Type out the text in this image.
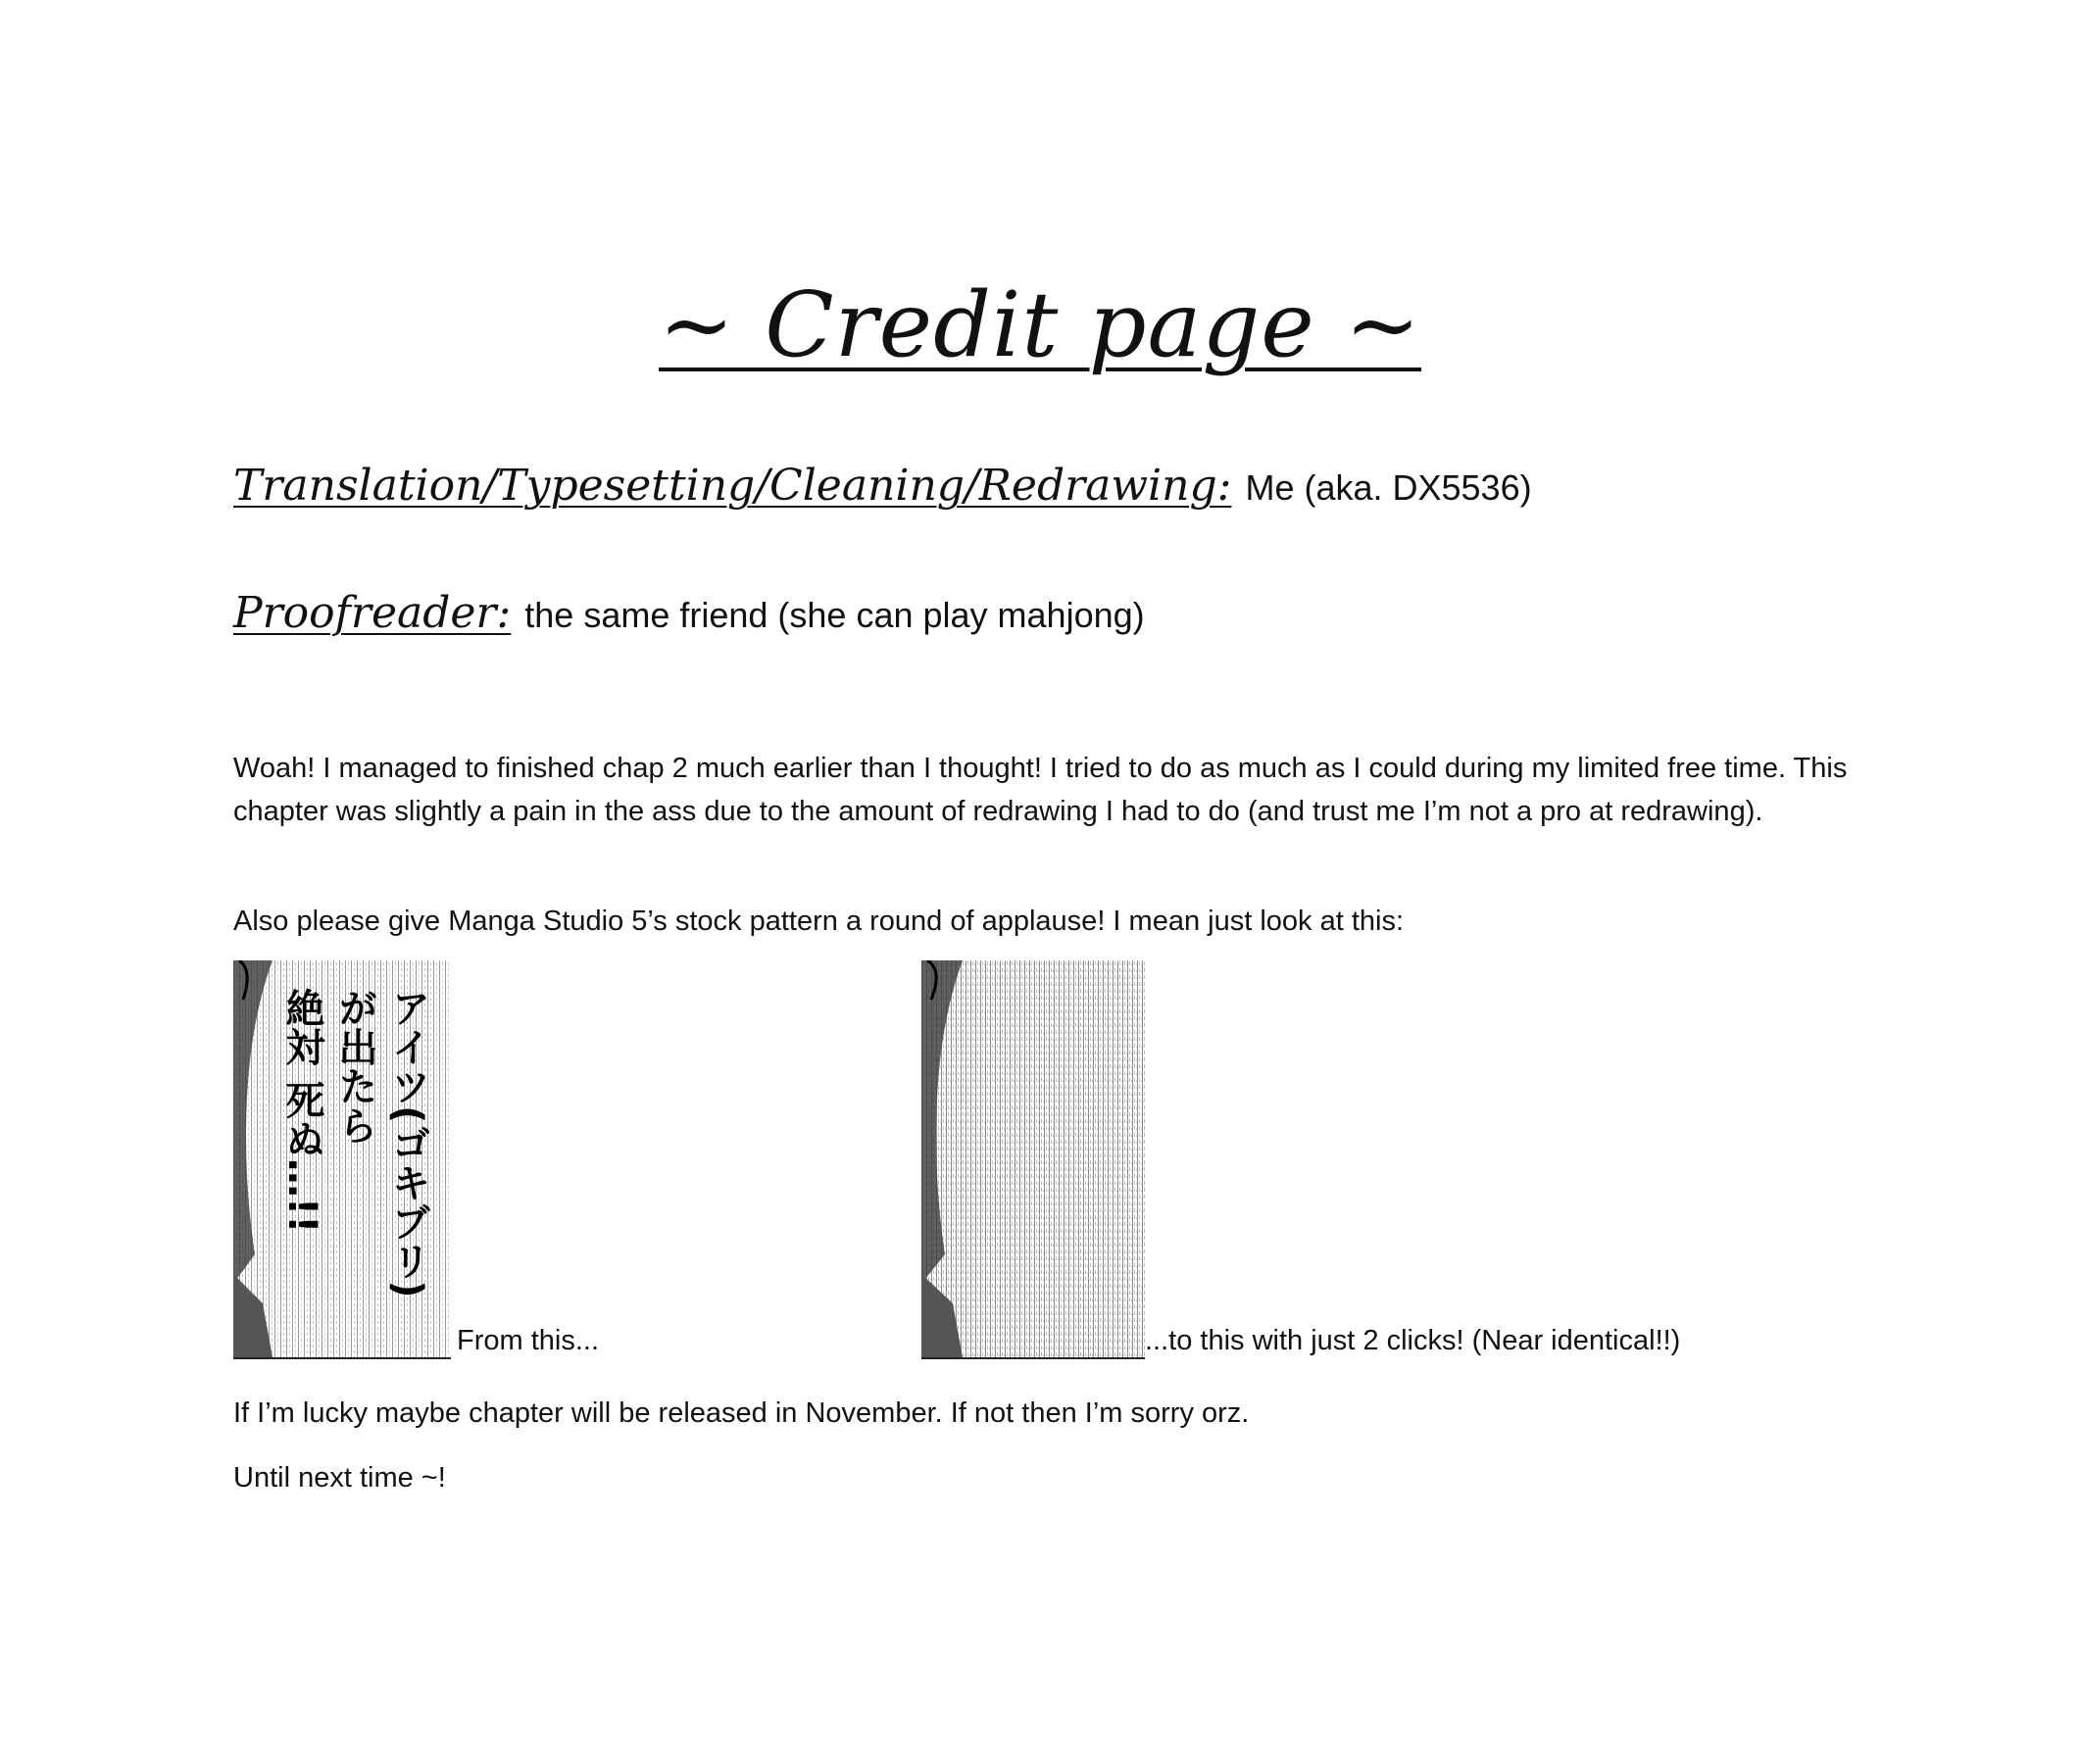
~ Credit page ~
Translation/Typesetting/Cleaning/Redrawing: Me (aka. DX5536)
Proofreader: the same friend (she can play mahjong)

Woah! I managed to finished chap 2 much earlier than I thought! I tried to do as much as I could during my limited free time. This chapter was slightly a pain in the ass due to the amount of redrawing I had to do (and trust me I’m not a pro at redrawing).

Also please give Manga Studio 5’s stock pattern a round of applause! I mean just look at this:

アイツ(ゴキブリ)
が出たら
絶対 死ぬ…!!
From this...	...to this with just 2 clicks! (Near identical!!)

If I’m lucky maybe chapter will be released in November. If not then I’m sorry orz.

Until next time ~!
